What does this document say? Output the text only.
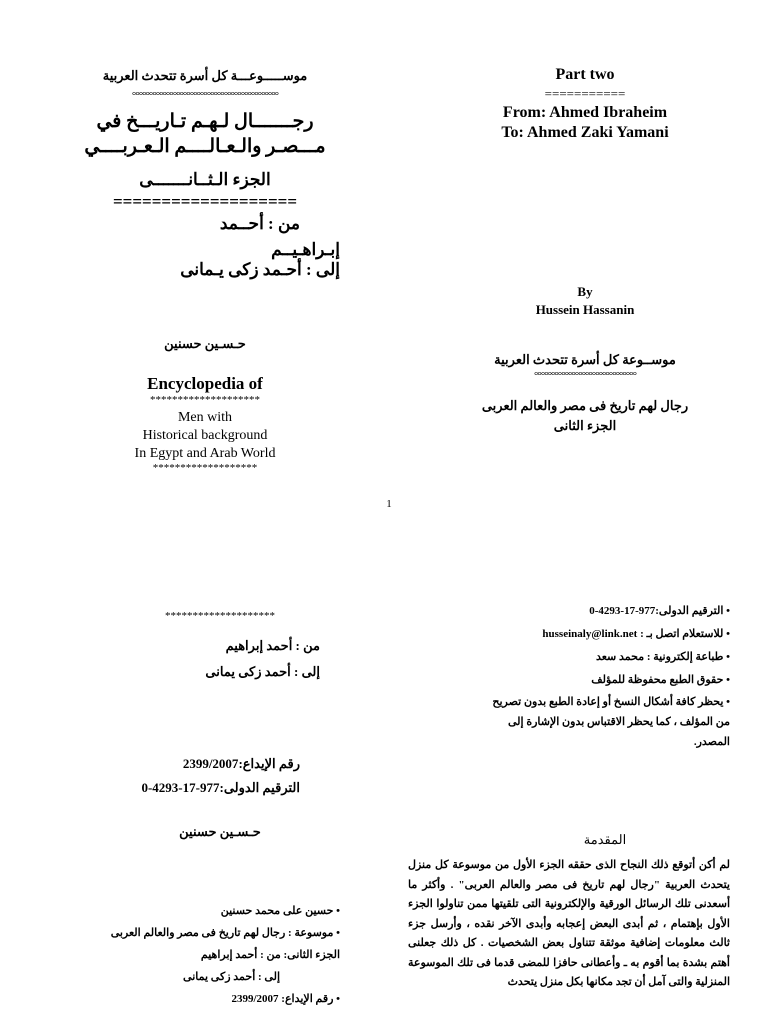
موســـــوعـــة كل أسرة تتحدث العربية

°°°°°°°°°°°°°°°°°°°°°°°°°°°°°°°°°°°°°°°°°°°

رجـــــــال لـهـم تـاريـــخ في

مـــصـر والـعـالــــم الـعـربــــي

الجزء الـثــانـــــــى

===================

من : أحــمد

إبـراهـيــم

إلى : أحـمد زكى يـمانى

حـسـين حسنين

Encyclopedia of

********************

Men with

Historical background

In Egypt and Arab World

*******************

Part two

===========

From: Ahmed Ibraheim

To: Ahmed Zaki Yamani

By

Hussein Hassanin

موســوعة كل أسرة تتحدث العربية

°°°°°°°°°°°°°°°°°°°°°°°°°°°°°°

رجال لهم تاريخ فى مصر والعالم العربى

الجزء الثانى

1

********************

من : أحمد إبراهيم

إلى : أحمد زكى يمانى

رقم الإيداع:2399/2007

الترقيم الدولى:977-17-4293-0

حـسـين حسنين

• حسين على محمد حسنين

• موسوعة : رجال لهم تاريخ فى مصر والعالم العربى

الجزء الثانى: من : أحمد إبراهيم

إلى : أحمد زكى يمانى

• رقم الإيداع: 2399/2007

• الترقيم الدولى:977-17-4293-0

• للاستعلام اتصل بـ : husseinaly@link.net

• طباعة إلكترونية : محمد سعد

• حقوق الطبع محفوظة للمؤلف

• يحظر كافة أشكال النسخ أو إعادة الطبع بدون تصريح من المؤلف ، كما يحظر الاقتباس بدون الإشارة إلى المصدر.

المقدمة
لم أكن أتوقع ذلك النجاح الذى حققه الجزء الأول من موسوعة كل منزل يتحدث العربية "رجال لهم تاريخ فى مصر والعالم العربى" . وأكثر ما أسعدنى تلك الرسائل الورقية والإلكترونية التى تلقيتها ممن تناولوا الجزء الأول بإهتمام ، ثم أبدى البعض إعجابه وأبدى الآخر نقده ، وأرسل جزء ثالث معلومات إضافية موثقة تتناول بعض الشخصيات . كل ذلك جعلنى أهتم بشدة بما أقوم به ـ وأعطانى حافزا للمضى قدما فى تلك الموسوعة المنزلية والتى آمل أن تجد مكانها بكل منزل يتحدث
